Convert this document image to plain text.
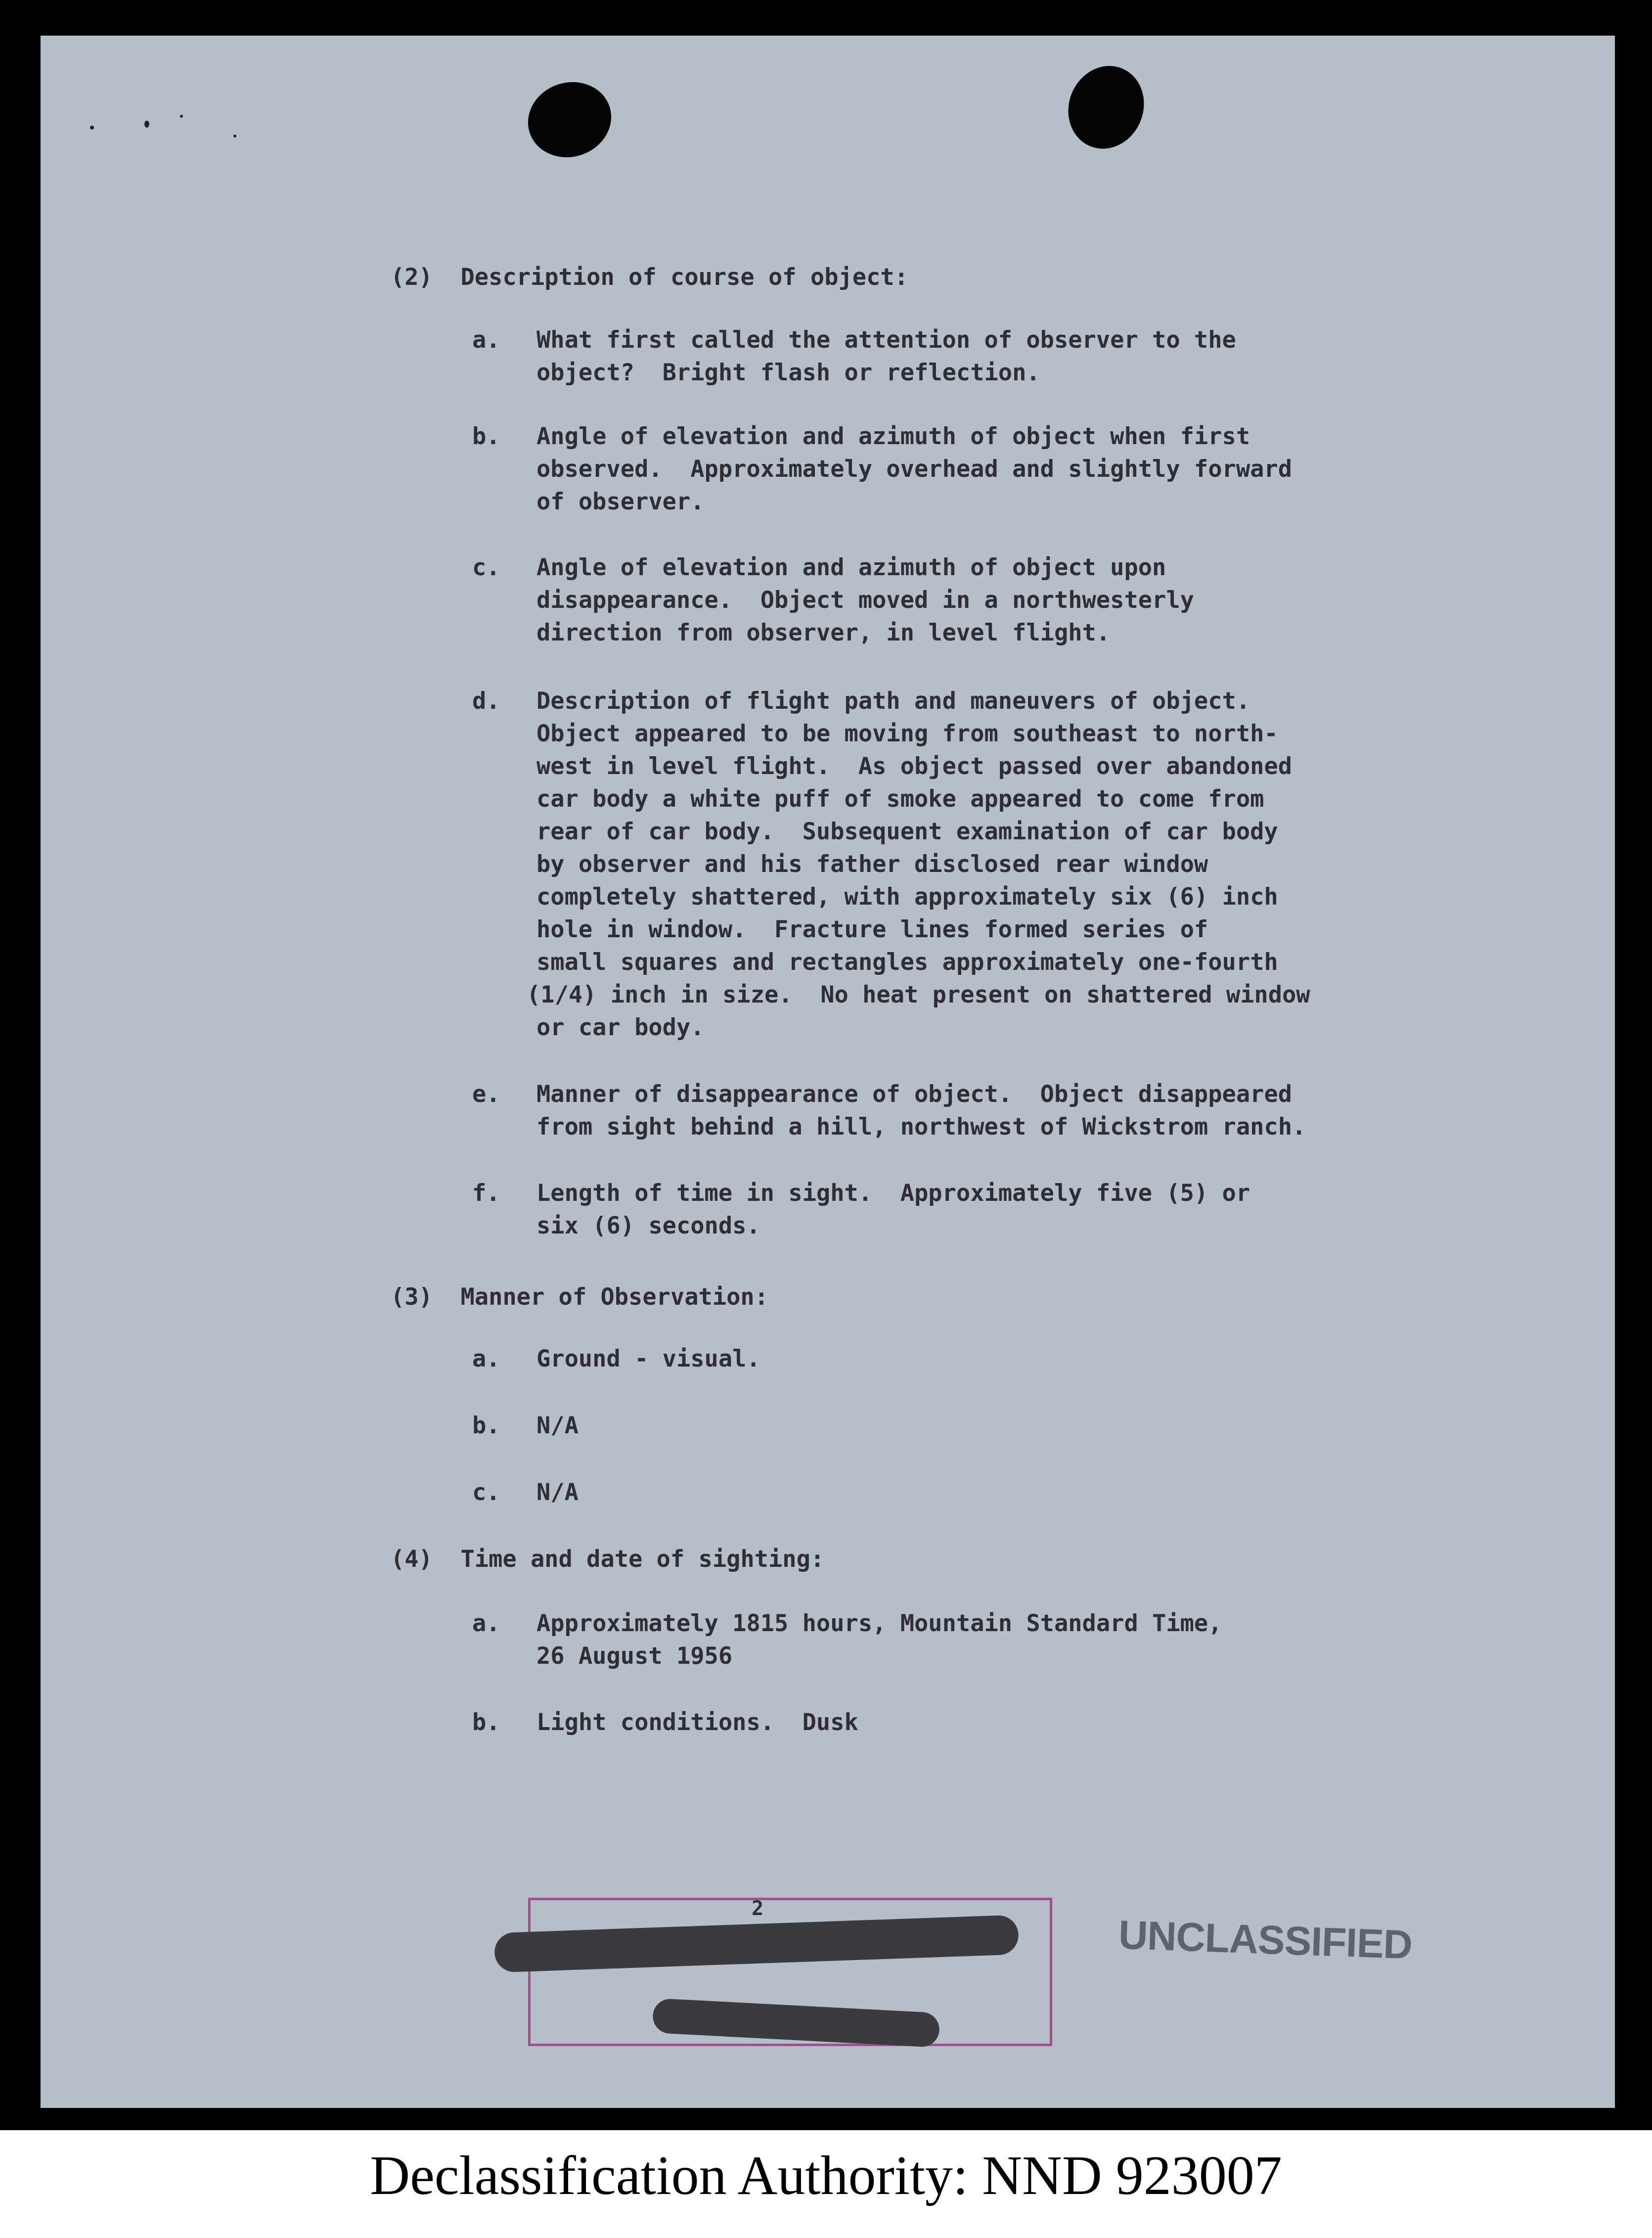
(2)  Description of course of object:
a. What first called the attention of observer to the
object?  Bright flash or reflection.
b. Angle of elevation and azimuth of object when first
observed.  Approximately overhead and slightly forward
of observer.
c. Angle of elevation and azimuth of object upon
disappearance.  Object moved in a northwesterly
direction from observer, in level flight.
d. Description of flight path and maneuvers of object.
Object appeared to be moving from southeast to north-
west in level flight.  As object passed over abandoned
car body a white puff of smoke appeared to come from
rear of car body.  Subsequent examination of car body
by observer and his father disclosed rear window
completely shattered, with approximately six (6) inch
hole in window.  Fracture lines formed series of
small squares and rectangles approximately one-fourth
(1/4) inch in size.  No heat present on shattered window
or car body.
e. Manner of disappearance of object.  Object disappeared
from sight behind a hill, northwest of Wickstrom ranch.
f. Length of time in sight.  Approximately five (5) or
six (6) seconds.
(3)  Manner of Observation:
a. Ground - visual.
b. N/A
c. N/A
(4)  Time and date of sighting:
a. Approximately 1815 hours, Mountain Standard Time,
26 August 1956
b. Light conditions.  Dusk
2
UNCLASSIFIED
Declassification Authority: NND 923007
